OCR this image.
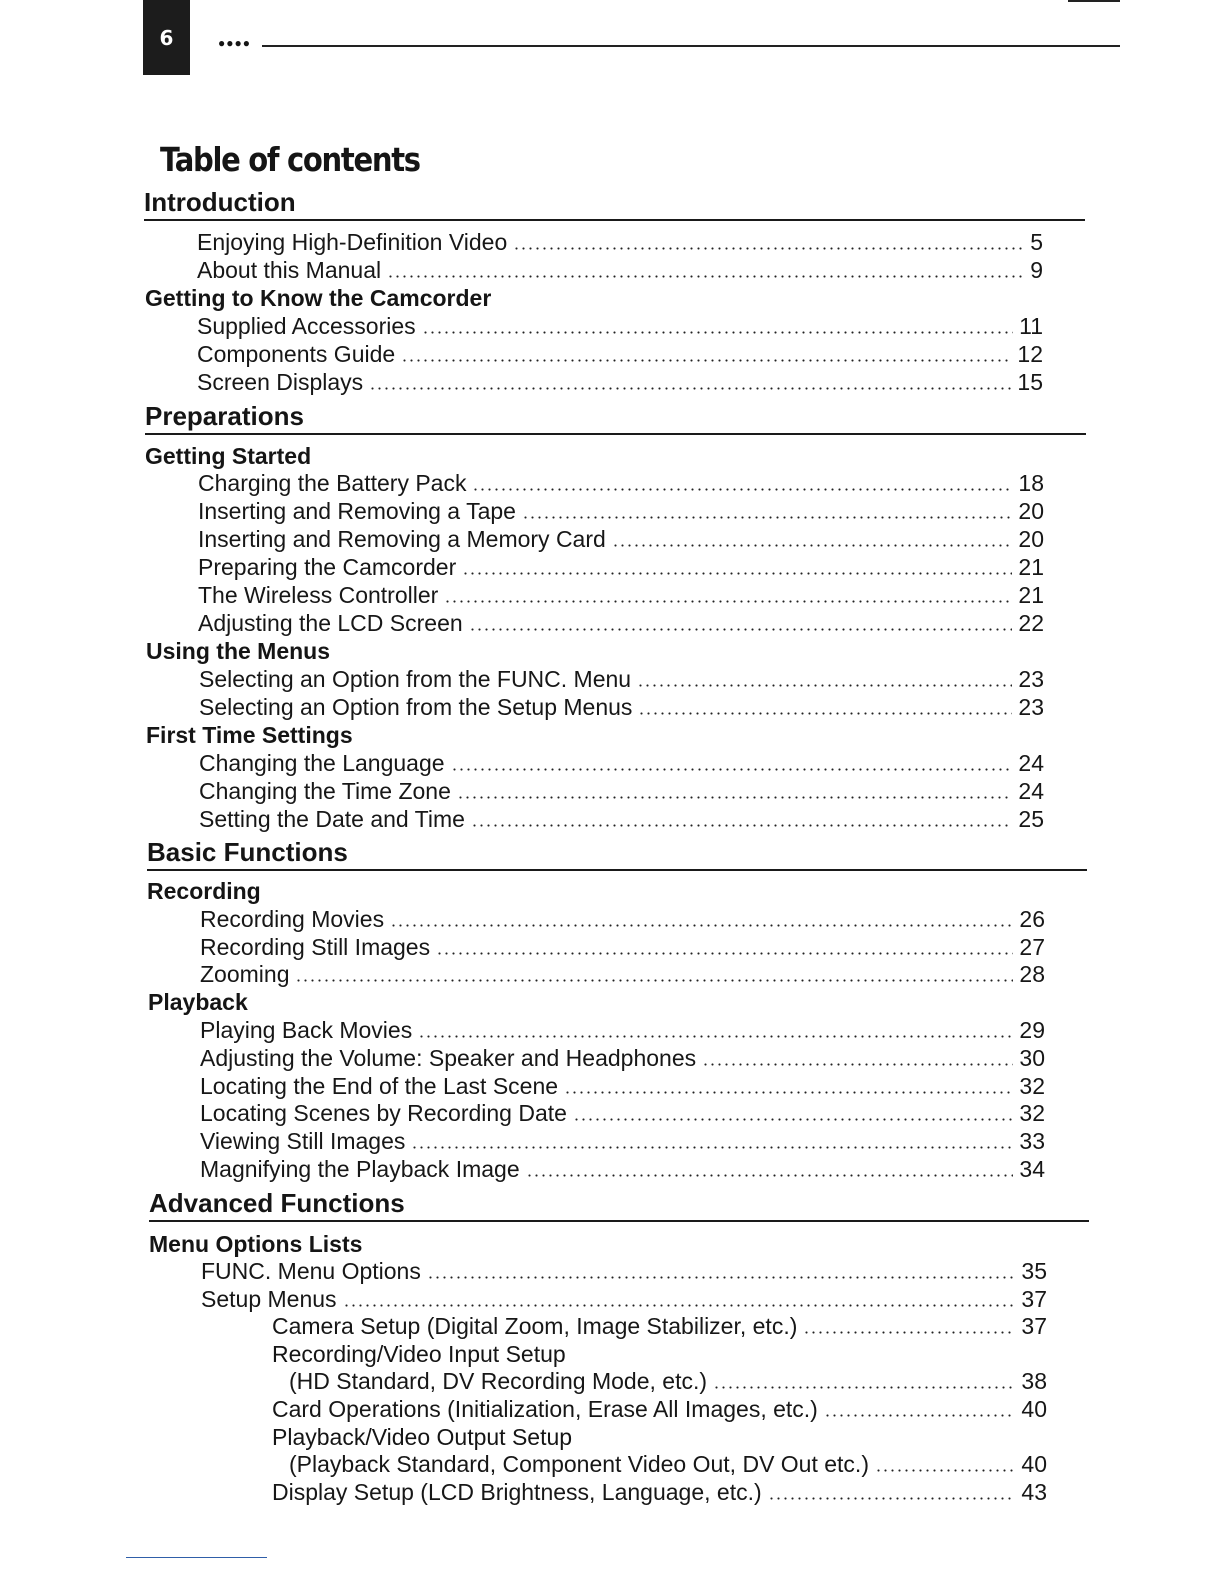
6	●●●●
Table of contents
Introduction
Enjoying High-Definition Video	5
About this Manual	9
Getting to Know the Camcorder
Supplied Accessories	11
Components Guide	12
Screen Displays	15
Preparations
Getting Started
Charging the Battery Pack	18
Inserting and Removing a Tape	20
Inserting and Removing a Memory Card	20
Preparing the Camcorder	21
The Wireless Controller	21
Adjusting the LCD Screen	22
Using the Menus
Selecting an Option from the FUNC. Menu	23
Selecting an Option from the Setup Menus	23
First Time Settings
Changing the Language	24
Changing the Time Zone	24
Setting the Date and Time	25
Basic Functions
Recording
Recording Movies	26
Recording Still Images	27
Zooming	28
Playback
Playing Back Movies	29
Adjusting the Volume: Speaker and Headphones	30
Locating the End of the Last Scene	32
Locating Scenes by Recording Date	32
Viewing Still Images	33
Magnifying the Playback Image	34
Advanced Functions
Menu Options Lists
FUNC. Menu Options	35
Setup Menus	37
Camera Setup (Digital Zoom, Image Stabilizer, etc.)	37
Recording/Video Input Setup
(HD Standard, DV Recording Mode, etc.)	38
Card Operations (Initialization, Erase All Images, etc.)	40
Playback/Video Output Setup
(Playback Standard, Component Video Out, DV Out etc.)	40
Display Setup (LCD Brightness, Language, etc.)	43
